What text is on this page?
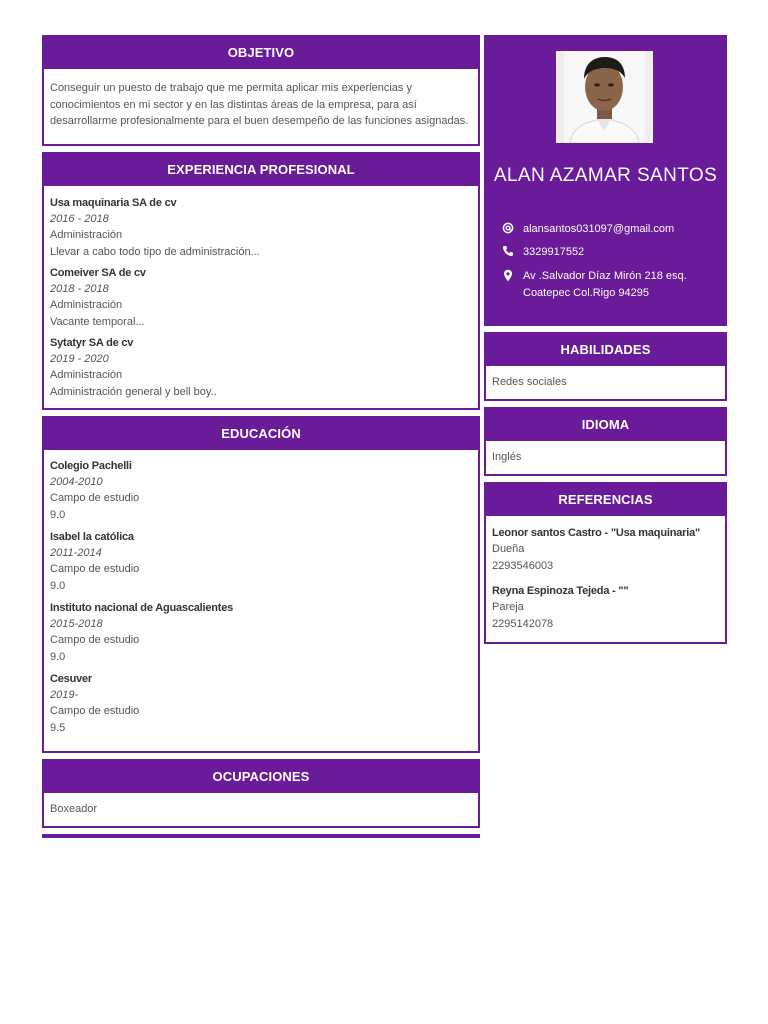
OBJETIVO
Conseguir un puesto de trabajo que me permita aplicar mis experiencias y conocimientos en mi sector y en las distintas áreas de la empresa, para así desarrollarme profesionalmente para el buen desempeño de las funciones asignadas.
EXPERIENCIA PROFESIONAL
Usa maquinaria SA de cv
2016 - 2018
Administración
Llevar a cabo todo tipo de administración...
Comeiver SA de cv
2018 - 2018
Administración
Vacante temporal...
Sytatyr SA de cv
2019 - 2020
Administración
Administración general y bell boy..
EDUCACIÓN
Colegio Pachelli
2004-2010
Campo de estudio
9.0
Isabel la católica
2011-2014
Campo de estudio
9.0
Instituto nacional de Aguascalientes
2015-2018
Campo de estudio
9.0
Cesuver
2019-
Campo de estudio
9.5
OCUPACIONES
Boxeador
ALAN AZAMAR SANTOS
alansantos031097@gmail.com
3329917552
Av .Salvador Díaz Mirón 218 esq. Coatepec Col.Rigo 94295
HABILIDADES
Redes sociales
IDIOMA
Inglés
REFERENCIAS
Leonor santos Castro - "Usa maquinaria"
Dueña
2293546003
Reyna Espinoza Tejeda - ""
Pareja
2295142078
